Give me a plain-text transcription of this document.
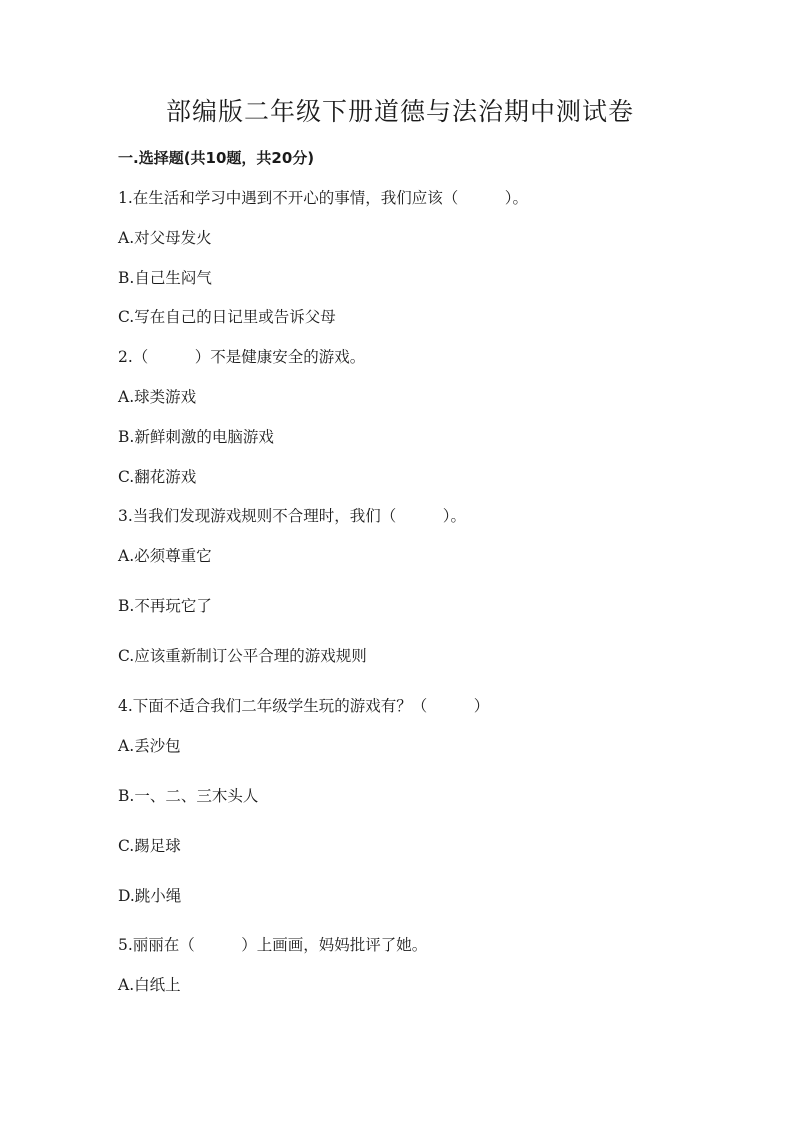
部编版二年级下册道德与法治期中测试卷
一.选择题(共10题，共20分)
1.在生活和学习中遇到不开心的事情，我们应该（　　　）。
A.对父母发火
B.自己生闷气
C.写在自己的日记里或告诉父母
2.（　　　）不是健康安全的游戏。
A.球类游戏
B.新鲜刺激的电脑游戏
C.翻花游戏
3.当我们发现游戏规则不合理时，我们（　　　）。
A.必须尊重它
B.不再玩它了
C.应该重新制订公平合理的游戏规则
4.下面不适合我们二年级学生玩的游戏有？（　　　）
A.丢沙包
B.一、二、三木头人
C.踢足球
D.跳小绳
5.丽丽在（　　　）上画画，妈妈批评了她。
A.白纸上
